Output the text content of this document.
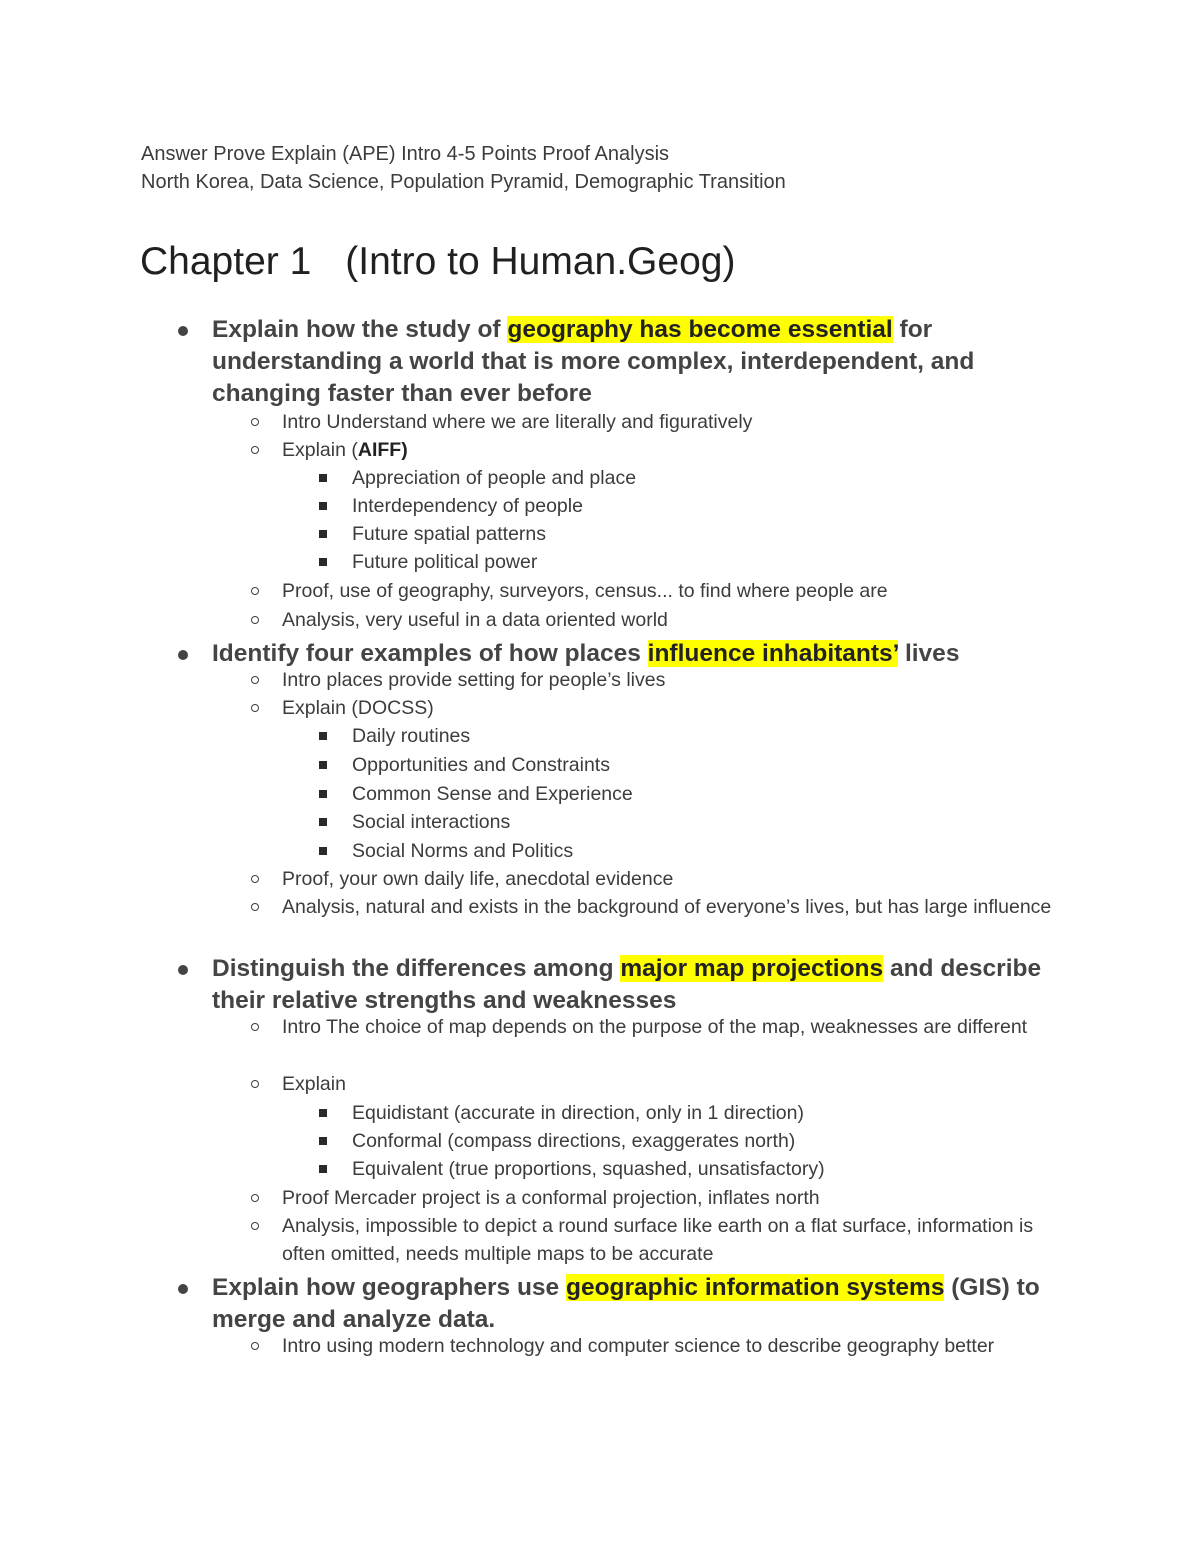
Answer Prove Explain (APE) Intro 4-5 Points Proof Analysis
North Korea, Data Science, Population Pyramid, Demographic Transition
Chapter 1 (Intro to Human.Geog)
Explain how the study of geography has become essential for understanding a world that is more complex, interdependent, and changing faster than ever before
Intro Understand where we are literally and figuratively
Explain (AIFF)
Appreciation of people and place
Interdependency of people
Future spatial patterns
Future political power
Proof, use of geography, surveyors, census... to find where people are
Analysis, very useful in a data oriented world
Identify four examples of how places influence inhabitants’ lives
Intro places provide setting for people’s lives
Explain (DOCSS)
Daily routines
Opportunities and Constraints
Common Sense and Experience
Social interactions
Social Norms and Politics
Proof, your own daily life, anecdotal evidence
Analysis, natural and exists in the background of everyone’s lives, but has large influence
Distinguish the differences among major map projections and describe their relative strengths and weaknesses
Intro The choice of map depends on the purpose of the map, weaknesses are different
Explain
Equidistant (accurate in direction, only in 1 direction)
Conformal (compass directions, exaggerates north)
Equivalent (true proportions, squashed, unsatisfactory)
Proof Mercader project is a conformal projection, inflates north
Analysis, impossible to depict a round surface like earth on a flat surface, information is often omitted, needs multiple maps to be accurate
Explain how geographers use geographic information systems (GIS) to merge and analyze data.
Intro using modern technology and computer science to describe geography better
